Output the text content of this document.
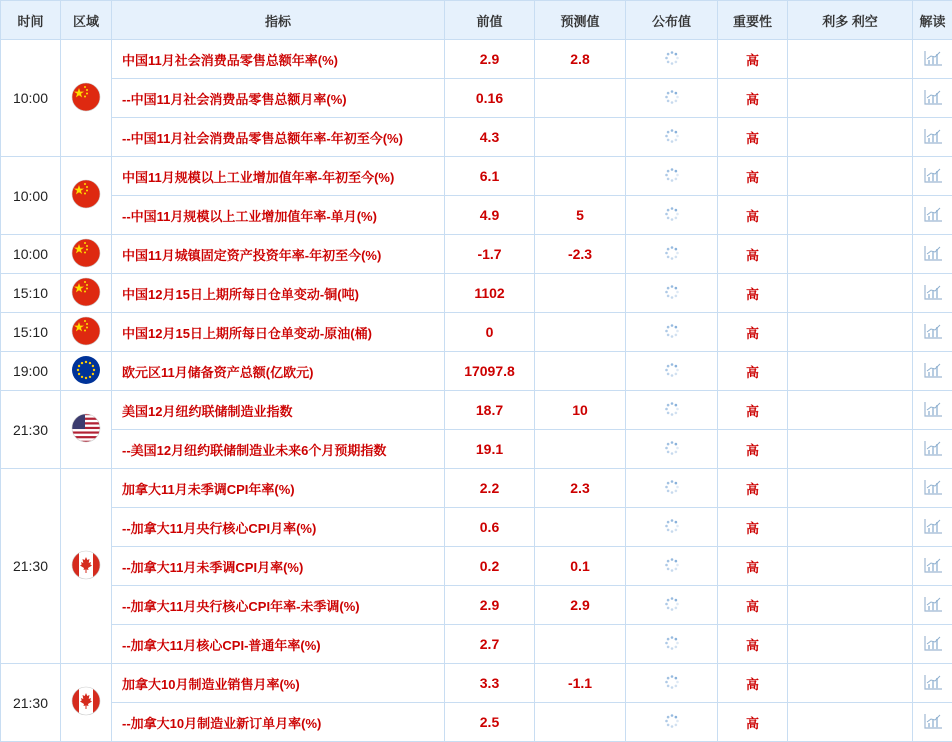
时间	区域	指标	前值	预测值	公布值	重要性	利多 利空	解读
10:00		中国11月社会消费品零售总额年率(%)	2.9	2.8		高		
		--中国11月社会消费品零售总额月率(%)	0.16			高		
		--中国11月社会消费品零售总额年率-年初至今(%)	4.3			高		
10:00		中国11月规模以上工业增加值年率-年初至今(%)	6.1			高		
		--中国11月规模以上工业增加值年率-单月(%)	4.9	5		高		
10:00		中国11月城镇固定资产投资年率-年初至今(%)	-1.7	-2.3		高		
15:10		中国12月15日上期所每日仓单变动-铜(吨)	1102			高		
15:10		中国12月15日上期所每日仓单变动-原油(桶)	0			高		
19:00		欧元区11月储备资产总额(亿欧元)	17097.8			高		
21:30		美国12月纽约联储制造业指数	18.7	10		高		
		--美国12月纽约联储制造业未来6个月预期指数	19.1			高		
21:30		加拿大11月未季调CPI年率(%)	2.2	2.3		高		
		--加拿大11月央行核心CPI月率(%)	0.6			高		
		--加拿大11月未季调CPI月率(%)	0.2	0.1		高		
		--加拿大11月央行核心CPI年率-未季调(%)	2.9	2.9		高		
		--加拿大11月核心CPI-普通年率(%)	2.7			高		
21:30		加拿大10月制造业销售月率(%)	3.3	-1.1		高		
		--加拿大10月制造业新订单月率(%)	2.5			高		
